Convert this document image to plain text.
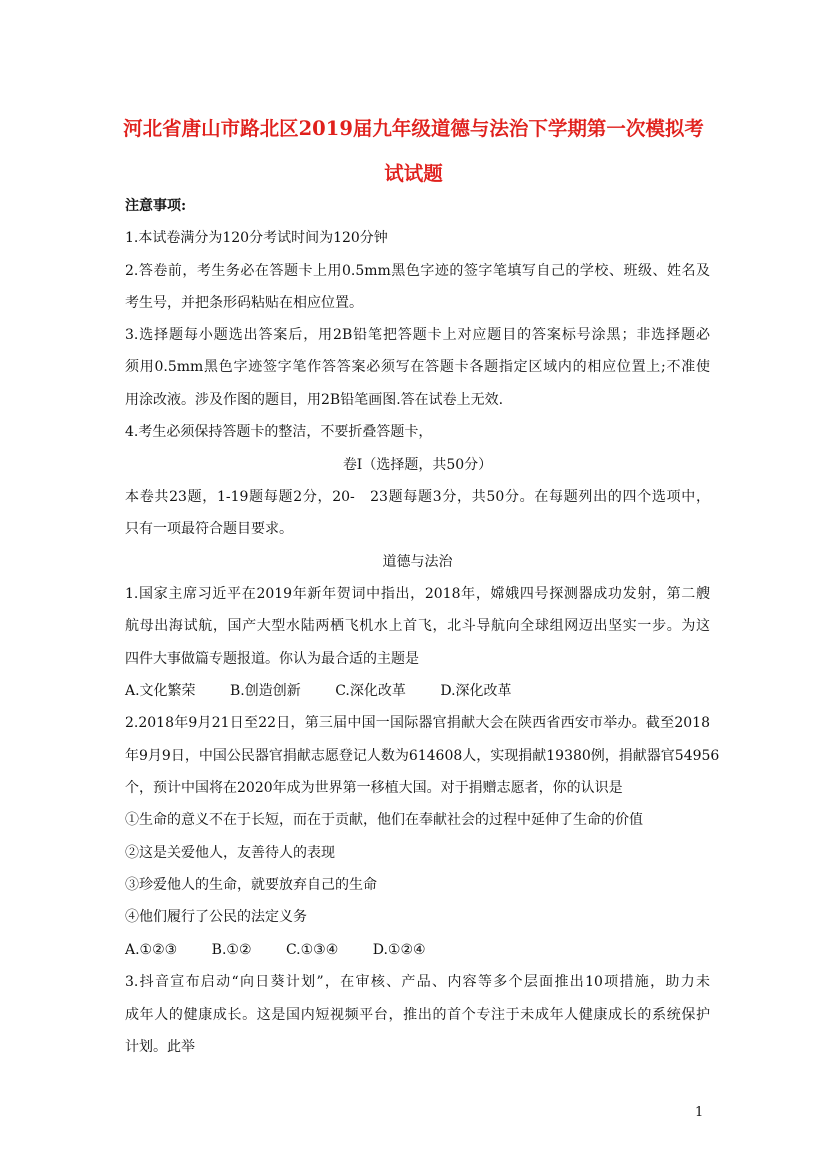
河北省唐山市路北区2019届九年级道德与法治下学期第一次模拟考
试试题
注意事项:
1.本试卷满分为120分考试时间为120分钟
2.答卷前，考生务必在答题卡上用0.5mm黑色字迹的签字笔填写自己的学校、班级、姓名及
考生号，并把条形码粘贴在相应位置。
3.选择题每小题选出答案后，用2B铅笔把答题卡上对应题目的答案标号涂黑；非选择题必
须用0.5mm黑色字迹签字笔作答答案必须写在答题卡各题指定区域内的相应位置上;不准使
用涂改液。涉及作图的题目，用2B铅笔画图.答在试卷上无效.
4.考生必须保持答题卡的整洁，不要折叠答题卡，
卷Ⅰ（选择题，共50分）
本卷共23题，1-19题每题2分，20-　23题每题3分，共50分。在每题列出的四个选项中，
只有一项最符合题目要求。
道德与法治
1.国家主席习近平在2019年新年贺词中指出，2018年，嫦娥四号探测器成功发射，第二艘
航母出海试航，国产大型水陆两栖飞机水上首飞，北斗导航向全球组网迈出坚实一步。为这
四件大事做篇专题报道。你认为最合适的主题是
A.文化繁荣 B.创造创新 C.深化改革 D.深化改革
2.2018年9月21日至22日，第三届中国一国际器官捐献大会在陕西省西安市举办。截至2018
年9月9日，中国公民器官捐献志愿登记人数为614608人，实现捐献19380例，捐献器官54956
个，预计中国将在2020年成为世界第一移植大国。对于捐赠志愿者，你的认识是
①生命的意义不在于长短，而在于贡献，他们在奉献社会的过程中延伸了生命的价值
②这是关爱他人，友善待人的表现
③珍爱他人的生命，就要放弃自己的生命
④他们履行了公民的法定义务
A.①②③ B.①② C.①③④ D.①②④
3.抖音宣布启动“向日葵计划”，在审核、产品、内容等多个层面推出10项措施，助力未
成年人的健康成长。这是国内短视频平台，推出的首个专注于未成年人健康成长的系统保护
计划。此举
1
